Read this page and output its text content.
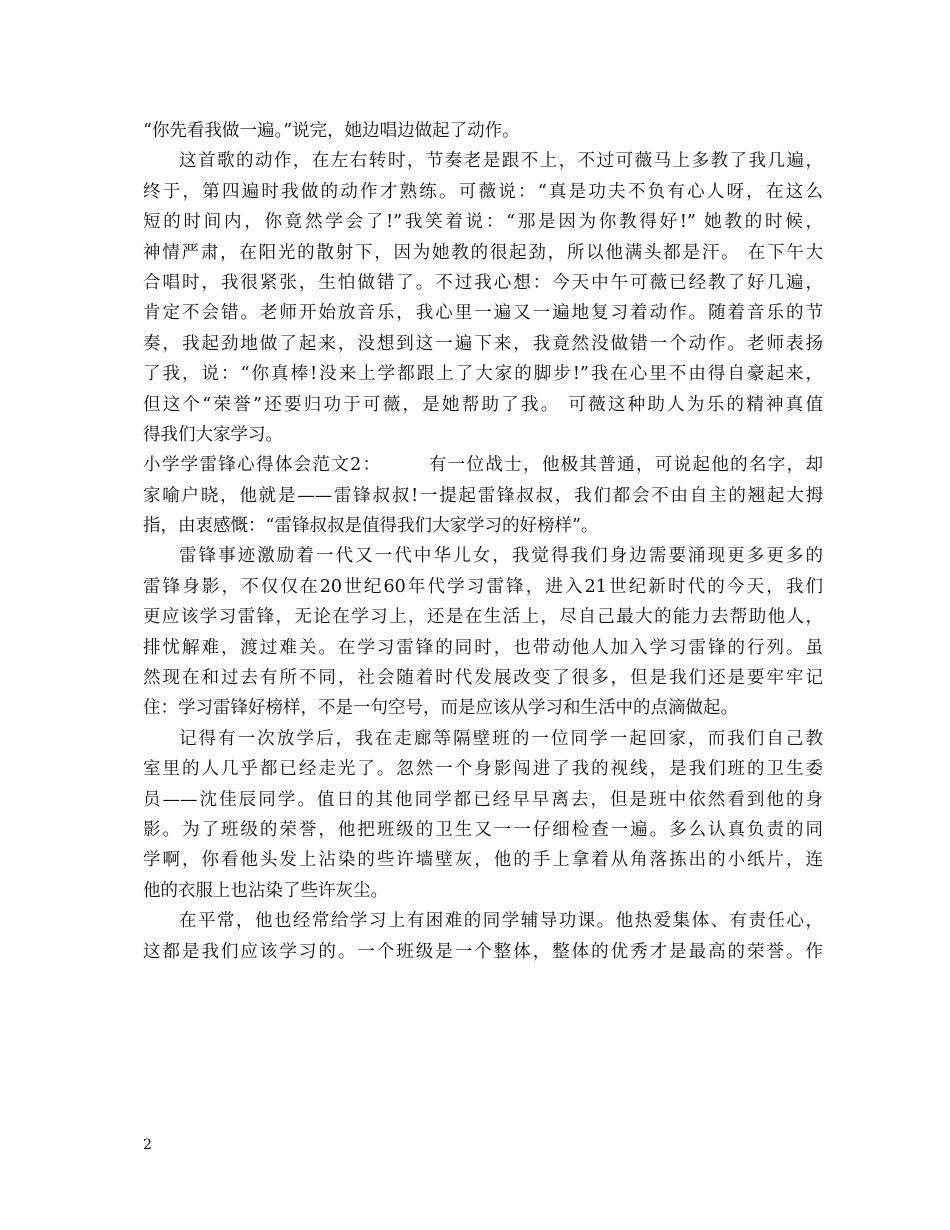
“你先看我做一遍。”说完，她边唱边做起了动作。
这首歌的动作，在左右转时，节奏老是跟不上，不过可薇马上多教了我几遍，
终于，第四遍时我做的动作才熟练。可薇说：“真是功夫不负有心人呀，在这么
短的时间内，你竟然学会了!”我笑着说：“那是因为你教得好!” 她教的时候，
神情严肃，在阳光的散射下，因为她教的很起劲，所以他满头都是汗。 在下午大
合唱时，我很紧张，生怕做错了。不过我心想：今天中午可薇已经教了好几遍，
肯定不会错。老师开始放音乐，我心里一遍又一遍地复习着动作。随着音乐的节
奏，我起劲地做了起来，没想到这一遍下来，我竟然没做错一个动作。老师表扬
了我，说：“你真棒!没来上学都跟上了大家的脚步!”我在心里不由得自豪起来，
但这个“荣誉”还要归功于可薇，是她帮助了我。 可薇这种助人为乐的精神真值
得我们大家学习。
小学学雷锋心得体会范文2：	有一位战士，他极其普通，可说起他的名字，却
家喻户晓，他就是——雷锋叔叔!一提起雷锋叔叔，我们都会不由自主的翘起大拇
指，由衷感慨：“雷锋叔叔是值得我们大家学习的好榜样”。
雷锋事迹激励着一代又一代中华儿女，我觉得我们身边需要涌现更多更多的
雷锋身影，不仅仅在20世纪60年代学习雷锋，进入21世纪新时代的今天，我们
更应该学习雷锋，无论在学习上，还是在生活上，尽自己最大的能力去帮助他人，
排忧解难，渡过难关。在学习雷锋的同时，也带动他人加入学习雷锋的行列。虽
然现在和过去有所不同，社会随着时代发展改变了很多，但是我们还是要牢牢记
住：学习雷锋好榜样，不是一句空号，而是应该从学习和生活中的点滴做起。
记得有一次放学后，我在走廊等隔壁班的一位同学一起回家，而我们自己教
室里的人几乎都已经走光了。忽然一个身影闯进了我的视线，是我们班的卫生委
员——沈佳辰同学。值日的其他同学都已经早早离去，但是班中依然看到他的身
影。为了班级的荣誉，他把班级的卫生又一一仔细检查一遍。多么认真负责的同
学啊，你看他头发上沾染的些许墙壁灰，他的手上拿着从角落拣出的小纸片，连
他的衣服上也沾染了些许灰尘。
在平常，他也经常给学习上有困难的同学辅导功课。他热爱集体、有责任心，
这都是我们应该学习的。一个班级是一个整体，整体的优秀才是最高的荣誉。作
2
